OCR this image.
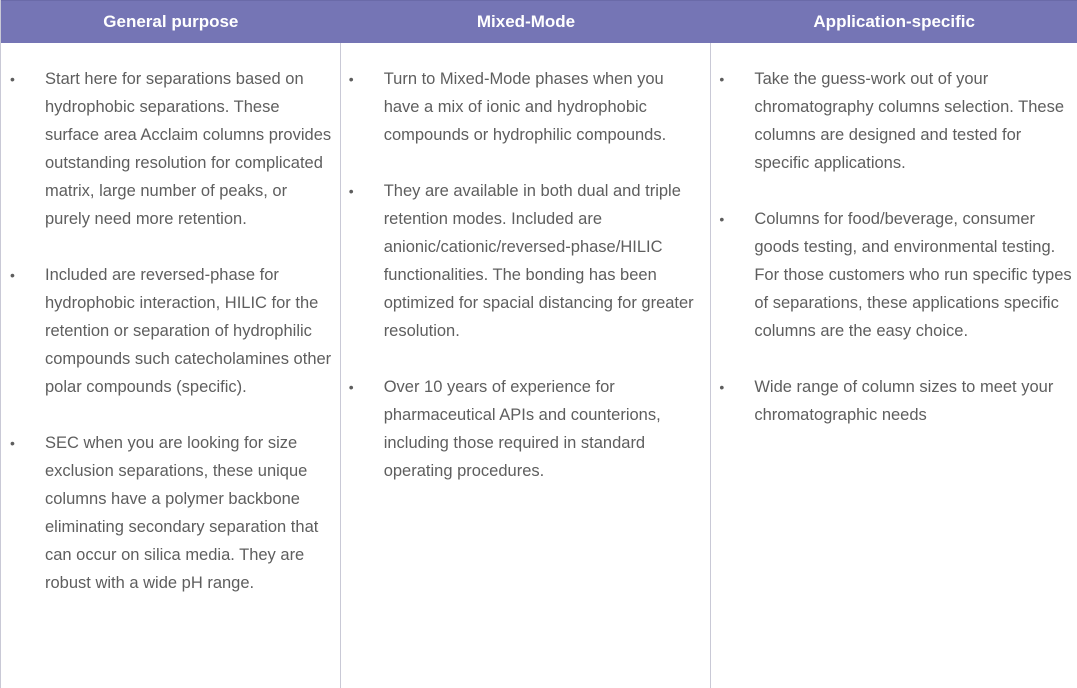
General purpose	Mixed-Mode	Application-specific
• Start here for separations based on hydrophobic separations. These surface area Acclaim columns provides outstanding resolution for complicated matrix, large number of peaks, or purely need more retention.
• Included are reversed-phase for hydrophobic interaction, HILIC for the retention or separation of hydrophilic compounds such catecholamines other polar compounds (specific).
• SEC when you are looking for size exclusion separations, these unique columns have a polymer backbone eliminating secondary separation that can occur on silica media. They are robust with a wide pH range.
• Turn to Mixed-Mode phases when you have a mix of ionic and hydrophobic compounds or hydrophilic compounds.
• They are available in both dual and triple retention modes. Included are anionic/cationic/reversed-phase/HILIC functionalities. The bonding has been optimized for spacial distancing for greater resolution.
• Over 10 years of experience for pharmaceutical APIs and counterions, including those required in standard operating procedures.
• Take the guess-work out of your chromatography columns selection. These columns are designed and tested for specific applications.
• Columns for food/beverage, consumer goods testing, and environmental testing. For those customers who run specific types of separations, these applications specific columns are the easy choice.
• Wide range of column sizes to meet your chromatographic needs
